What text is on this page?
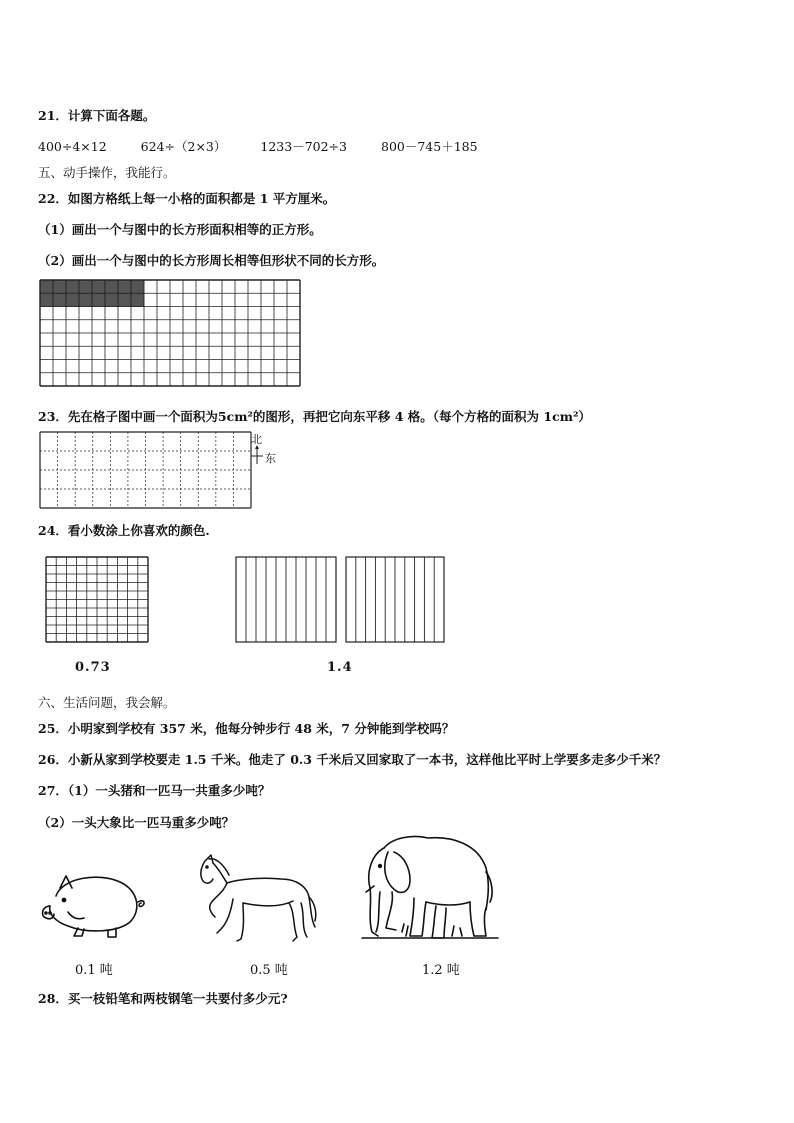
21．计算下面各题。
400÷4×12	624÷（2×3）	1233－702÷3	800－745＋185
五、动手操作，我能行。
22．如图方格纸上每一小格的面积都是 1 平方厘米。
（1）画出一个与图中的长方形面积相等的正方形。
（2）画出一个与图中的长方形周长相等但形状不同的长方形。
23．先在格子图中画一个面积为5cm²的图形，再把它向东平移 4 格。（每个方格的面积为 1cm²）
北
东
24．看小数涂上你喜欢的颜色.
0.73	1.4
六、生活问题，我会解。
25．小明家到学校有 357 米，他每分钟步行 48 米，7 分钟能到学校吗？
26．小新从家到学校要走 1.5 千米。他走了 0.3 千米后又回家取了一本书，这样他比平时上学要多走多少千米？
27．（1）一头猪和一匹马一共重多少吨？
（2）一头大象比一匹马重多少吨？
0.1 吨	0.5 吨	1.2 吨
28．买一枝铅笔和两枝钢笔一共要付多少元?
